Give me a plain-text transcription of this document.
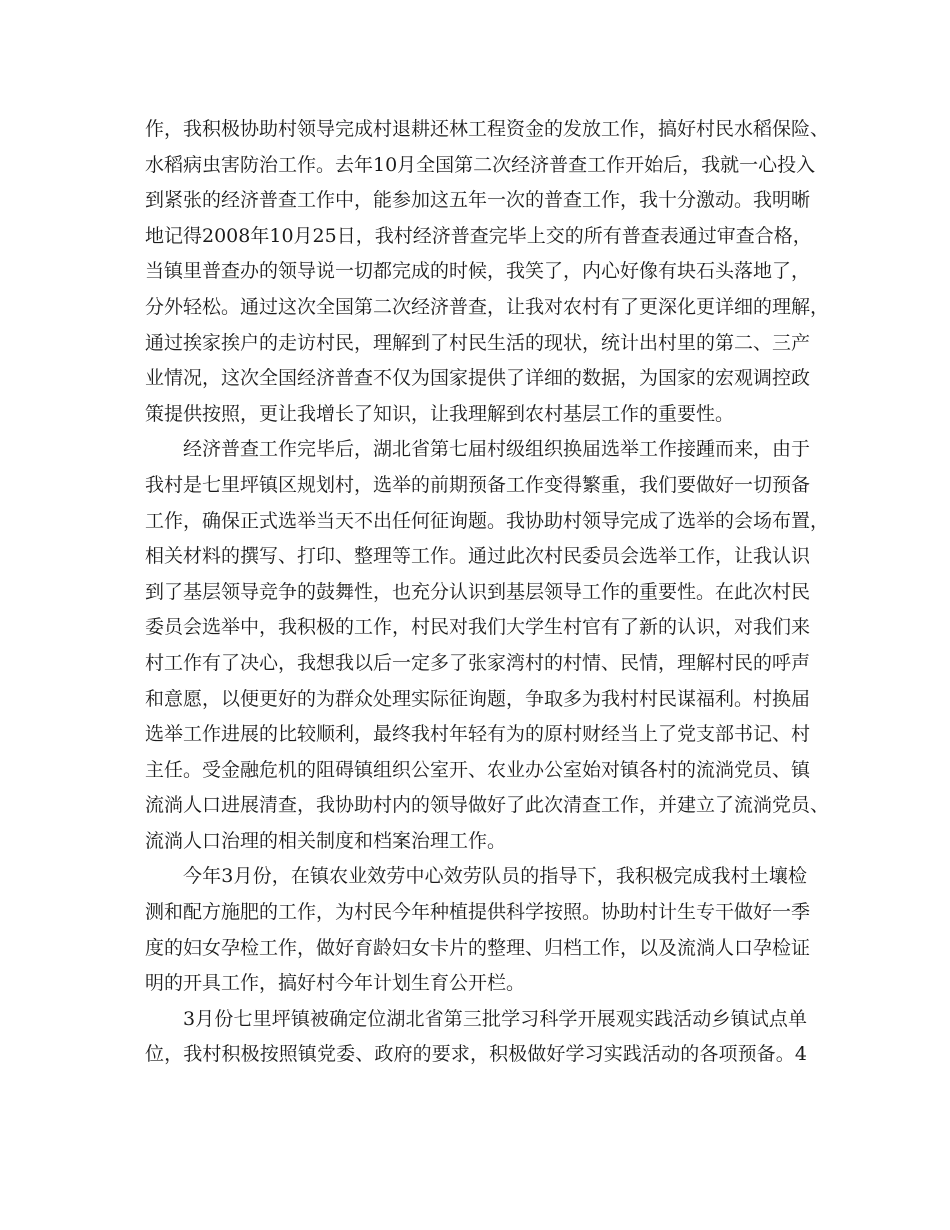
作，我积极协助村领导完成村退耕还林工程资金的发放工作，搞好村民水稻保险、
水稻病虫害防治工作。去年10月全国第二次经济普查工作开始后，我就一心投入
到紧张的经济普查工作中，能参加这五年一次的普查工作，我十分激动。我明晰
地记得2008年10月25日，我村经济普查完毕上交的所有普查表通过审查合格，
当镇里普查办的领导说一切都完成的时候，我笑了，内心好像有块石头落地了，
分外轻松。通过这次全国第二次经济普查，让我对农村有了更深化更详细的理解，
通过挨家挨户的走访村民，理解到了村民生活的现状，统计出村里的第二、三产
业情况，这次全国经济普查不仅为国家提供了详细的数据，为国家的宏观调控政
策提供按照，更让我增长了知识，让我理解到农村基层工作的重要性。
经济普查工作完毕后，湖北省第七届村级组织换届选举工作接踵而来，由于
我村是七里坪镇区规划村，选举的前期预备工作变得繁重，我们要做好一切预备
工作，确保正式选举当天不出任何征询题。我协助村领导完成了选举的会场布置，
相关材料的撰写、打印、整理等工作。通过此次村民委员会选举工作，让我认识
到了基层领导竞争的鼓舞性，也充分认识到基层领导工作的重要性。在此次村民
委员会选举中，我积极的工作，村民对我们大学生村官有了新的认识，对我们来
村工作有了决心，我想我以后一定多了张家湾村的村情、民情，理解村民的呼声
和意愿，以便更好的为群众处理实际征询题，争取多为我村村民谋福利。村换届
选举工作进展的比较顺利，最终我村年轻有为的原村财经当上了党支部书记、村
主任。受金融危机的阻碍镇组织公室开、农业办公室始对镇各村的流淌党员、镇
流淌人口进展清查，我协助村内的领导做好了此次清查工作，并建立了流淌党员、
流淌人口治理的相关制度和档案治理工作。
今年3月份，在镇农业效劳中心效劳队员的指导下，我积极完成我村土壤检
测和配方施肥的工作，为村民今年种植提供科学按照。协助村计生专干做好一季
度的妇女孕检工作，做好育龄妇女卡片的整理、归档工作，以及流淌人口孕检证
明的开具工作，搞好村今年计划生育公开栏。
3月份七里坪镇被确定位湖北省第三批学习科学开展观实践活动乡镇试点单
位，我村积极按照镇党委、政府的要求，积极做好学习实践活动的各项预备。4
